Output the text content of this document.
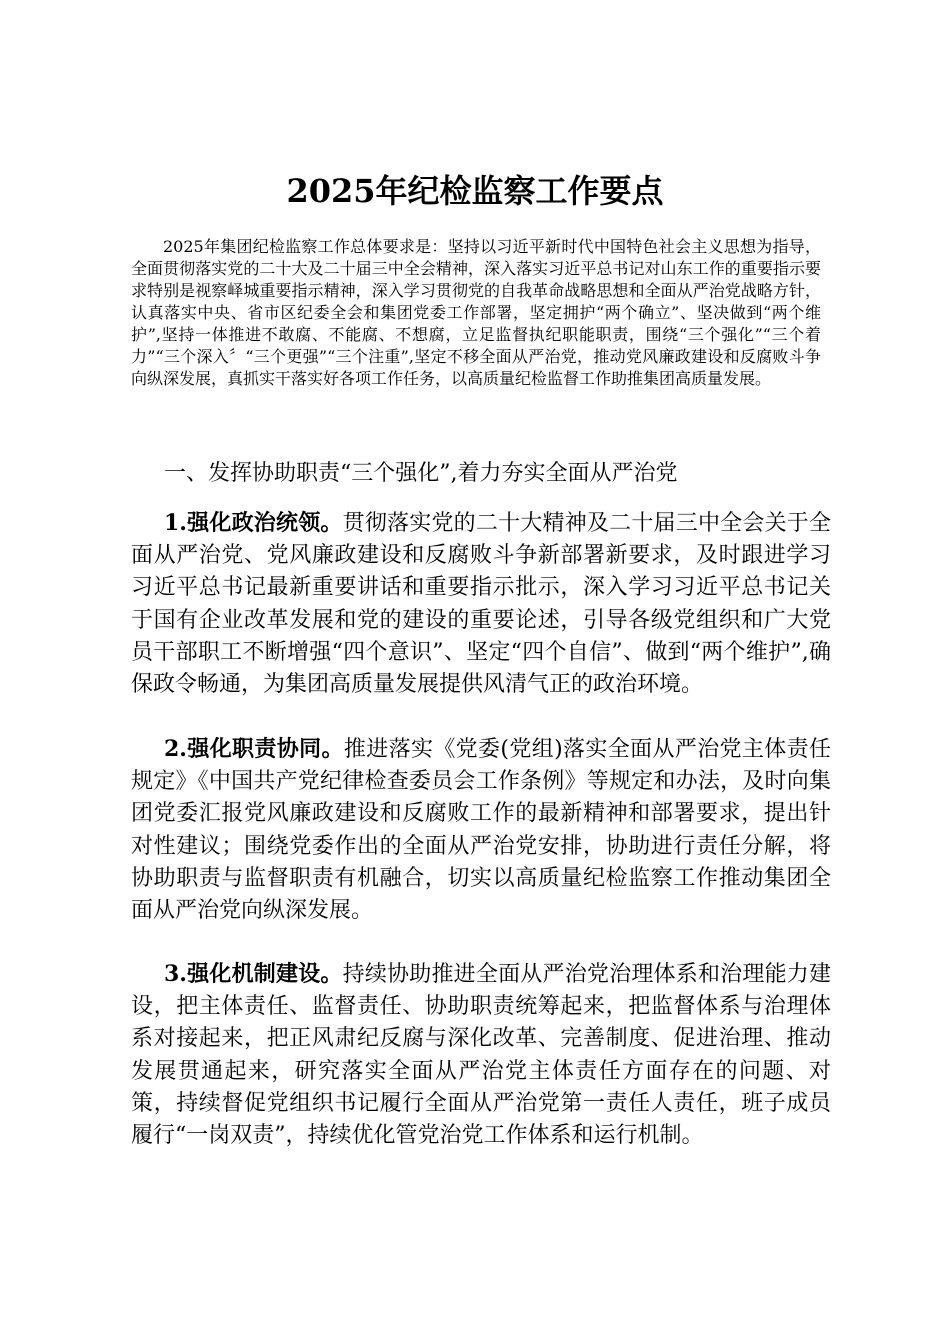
2025年纪检监察工作要点

2025年集团纪检监察工作总体要求是：坚持以习近平新时代中国特色社会主义思想为指导，全面贯彻落实党的二十大及二十届三中全会精神，深入落实习近平总书记对山东工作的重要指示要求特别是视察峄城重要指示精神，深入学习贯彻党的自我革命战略思想和全面从严治党战略方针，认真落实中央、省市区纪委全会和集团党委工作部署，坚定拥护“两个确立”、坚决做到“两个维护”,坚持一体推进不敢腐、不能腐、不想腐，立足监督执纪职能职责，围绕“三个强化”“三个着力”“三个深入〞“三个更强”“三个注重”,坚定不移全面从严治党，推动党风廉政建设和反腐败斗争向纵深发展，真抓实干落实好各项工作任务，以高质量纪检监督工作助推集团高质量发展。

一、发挥协助职责“三个强化”,着力夯实全面从严治党

1.强化政治统领。贯彻落实党的二十大精神及二十届三中全会关于全面从严治党、党风廉政建设和反腐败斗争新部署新要求，及时跟进学习习近平总书记最新重要讲话和重要指示批示，深入学习习近平总书记关于国有企业改革发展和党的建设的重要论述，引导各级党组织和广大党员干部职工不断增强“四个意识”、坚定“四个自信”、做到“两个维护”,确保政令畅通，为集团高质量发展提供风清气正的政治环境。

2.强化职责协同。推进落实《党委(党组)落实全面从严治党主体责任规定》《中国共产党纪律检查委员会工作条例》等规定和办法，及时向集团党委汇报党风廉政建设和反腐败工作的最新精神和部署要求，提出针对性建议；围绕党委作出的全面从严治党安排，协助进行责任分解，将协助职责与监督职责有机融合，切实以高质量纪检监察工作推动集团全面从严治党向纵深发展。

3.强化机制建设。持续协助推进全面从严治党治理体系和治理能力建设，把主体责任、监督责任、协助职责统筹起来，把监督体系与治理体系对接起来，把正风肃纪反腐与深化改革、完善制度、促进治理、推动发展贯通起来，研究落实全面从严治党主体责任方面存在的问题、对策，持续督促党组织书记履行全面从严治党第一责任人责任，班子成员履行“一岗双责”，持续优化管党治党工作体系和运行机制。
